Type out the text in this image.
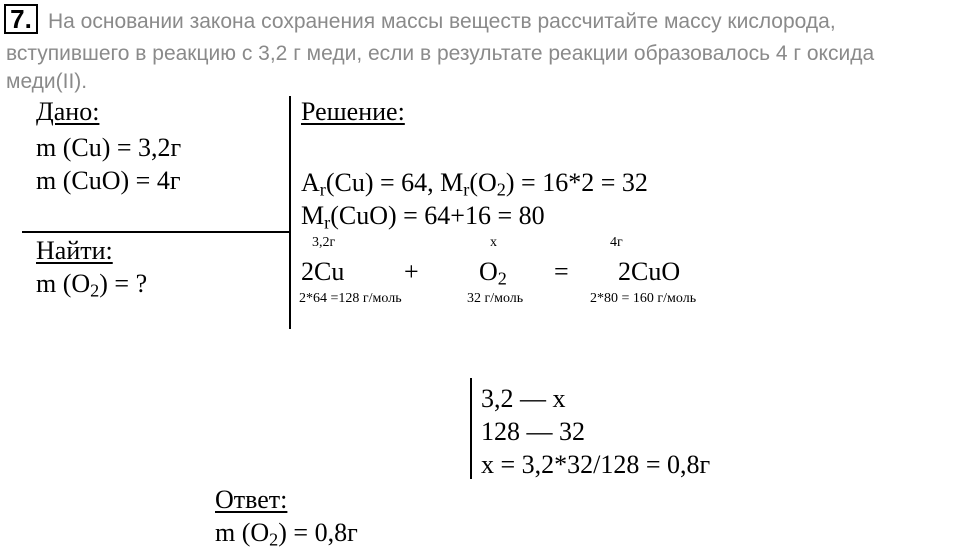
7. На основании закона сохранения массы веществ рассчитайте массу кислорода,
вступившего в реакцию с 3,2 г меди, если в результате реакции образовалось 4 г оксида
меди(II).
Дано:
m (Cu) = 3,2г
m (CuO) = 4г
Найти:
m $(O_2)$ = ?
Решение:
$A_r(Cu) = 64$, $M_r(O_2) = 16*2 = 32$
$M_r(CuO) = 64+16 = 80$
3,2г	x	4г
$2Cu + O_2 = 2CuO$
2*64 =128 г/моль	32 г/моль	2*80 = 160 г/моль
3,2 — x
128 — 32
x = 3,2*32/128 = 0,8г
Ответ:
m $(O_2) = 0,8г$
